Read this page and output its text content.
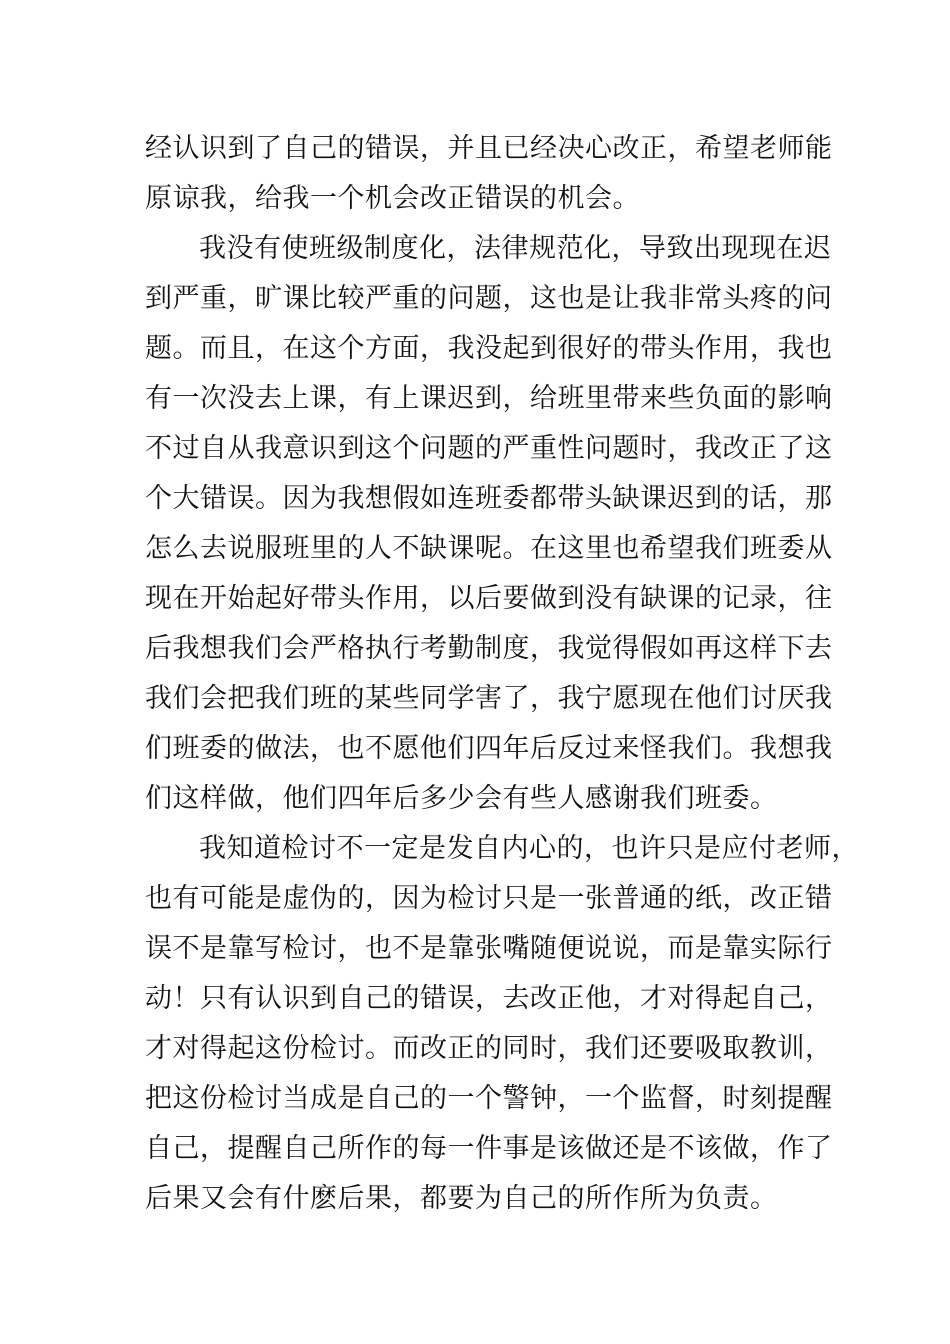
经认识到了自己的错误，并且已经决心改正，希望老师能
原谅我，给我一个机会改正错误的机会。
我没有使班级制度化，法律规范化，导致出现现在迟
到严重，旷课比较严重的问题，这也是让我非常头疼的问
题。而且，在这个方面，我没起到很好的带头作用，我也
有一次没去上课，有上课迟到，给班里带来些负面的影响
不过自从我意识到这个问题的严重性问题时，我改正了这
个大错误。因为我想假如连班委都带头缺课迟到的话，那
怎么去说服班里的人不缺课呢。在这里也希望我们班委从
现在开始起好带头作用，以后要做到没有缺课的记录，往
后我想我们会严格执行考勤制度，我觉得假如再这样下去
我们会把我们班的某些同学害了，我宁愿现在他们讨厌我
们班委的做法，也不愿他们四年后反过来怪我们。我想我
们这样做，他们四年后多少会有些人感谢我们班委。
我知道检讨不一定是发自内心的，也许只是应付老师，
也有可能是虚伪的，因为检讨只是一张普通的纸，改正错
误不是靠写检讨，也不是靠张嘴随便说说，而是靠实际行
动！只有认识到自己的错误，去改正他，才对得起自己，
才对得起这份检讨。而改正的同时，我们还要吸取教训，
把这份检讨当成是自己的一个警钟，一个监督，时刻提醒
自己，提醒自己所作的每一件事是该做还是不该做，作了
后果又会有什麽后果，都要为自己的所作所为负责。
